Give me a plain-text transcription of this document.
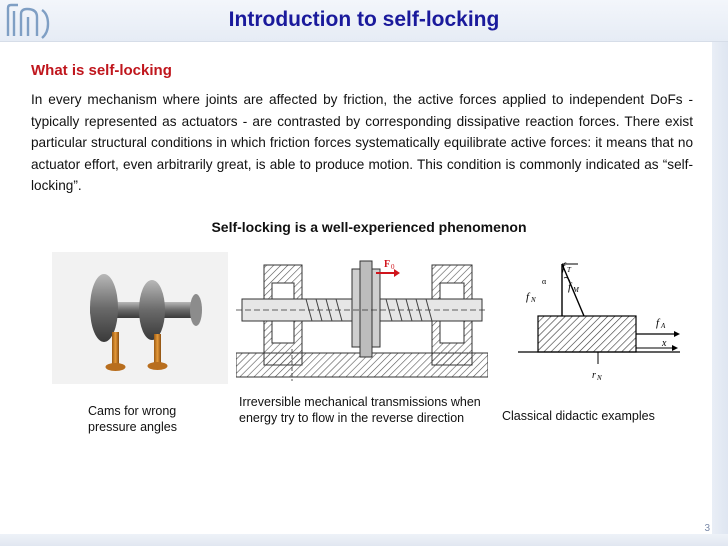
Introduction to self-locking
What is self-locking

In every mechanism where joints are affected by friction, the active forces applied to independent DoFs - typically represented as actuators - are contrasted by corresponding dissipative reaction forces. There exist particular structural conditions in which friction forces systematically equilibrate active forces: it means that no actuator effort, even arbitrarily great, is able to produce motion. This condition is commonly indicated as “self-locking”.

Self-locking is a well-experienced phenomenon
F 0	f T
f N
f M
α
f A
x
r N
Cams for wrong pressure angles
Irreversible mechanical transmissions when energy try to flow in the reverse direction	Classical didactic examples
3
